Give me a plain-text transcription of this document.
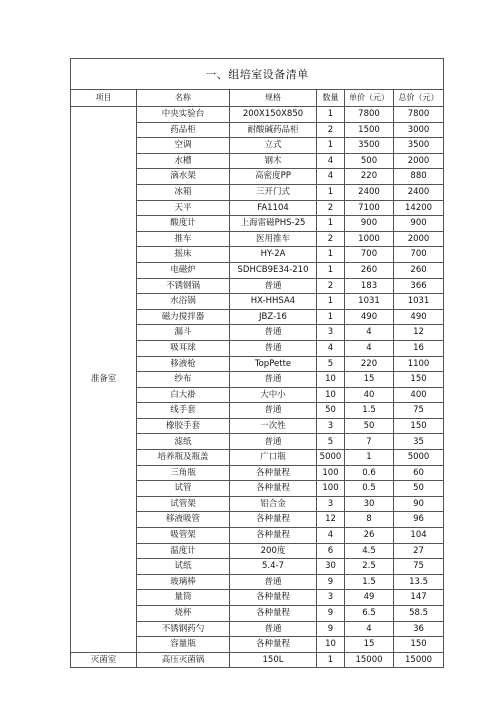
一、组培室设备清单					
项目	名称	规格	数量	单价（元）	总价（元）
准备室	中央实验台	200X150X850	1	7800	7800
	药品柜	耐酸碱药品柜	2	1500	3000
	空调	立式	1	3500	3500
	水槽	钢木	4	500	2000
	滴水架	高密度PP	4	220	880
	冰箱	三开门式	1	2400	2400
	天平	FA1104	2	7100	14200
	酸度计	上海雷磁PHS-25	1	900	900
	推车	医用推车	2	1000	2000
	摇床	HY-2A	1	700	700
	电磁炉	SDHCB9E34-210	1	260	260
	不锈钢锅	普通	2	183	366
	水浴锅	HX-HHSA4	1	1031	1031
	磁力搅拌器	JBZ-16	1	490	490
	漏斗	普通	3	4	12
	吸耳球	普通	4	4	16
	移液枪	TopPette	5	220	1100
	纱布	普通	10	15	150
	白大褂	大中小	10	40	400
	线手套	普通	50	1.5	75
	橡胶手套	一次性	3	50	150
	滤纸	普通	5	7	35
	培养瓶及瓶盖	广口瓶	5000	1	5000
	三角瓶	各种量程	100	0.6	60
	试管	各种量程	100	0.5	50
	试管架	铝合金	3	30	90
	移液吸管	各种量程	12	8	96
	吸管架	各种量程	4	26	104
	温度计	200度	6	4.5	27
	试纸	5.4-7	30	2.5	75
	玻璃棒	普通	9	1.5	13.5
	量筒	各种量程	3	49	147
	烧杯	各种量程	9	6.5	58.5
	不锈钢药勺	普通	9	4	36
	容量瓶	各种量程	10	15	150
灭菌室	高压灭菌锅	150L	1	15000	15000
